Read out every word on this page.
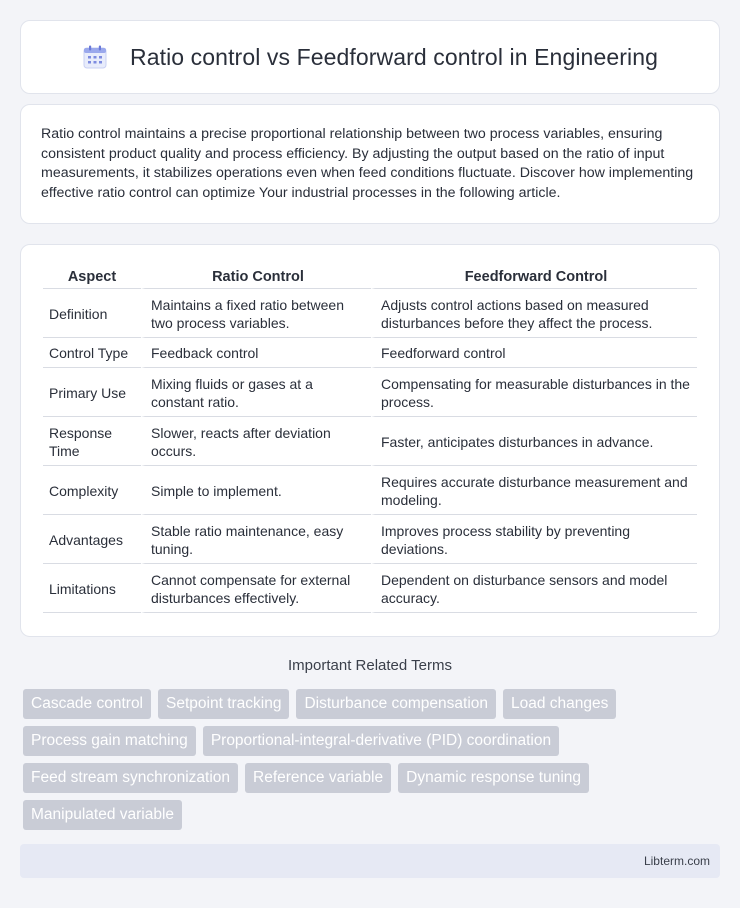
Ratio control vs Feedforward control in Engineering

Ratio control maintains a precise proportional relationship between two process variables, ensuring consistent product quality and process efficiency. By adjusting the output based on the ratio of input measurements, it stabilizes operations even when feed conditions fluctuate. Discover how implementing effective ratio control can optimize Your industrial processes in the following article.

Aspect	Ratio Control	Feedforward Control
Definition	Maintains a fixed ratio between two process variables.	Adjusts control actions based on measured disturbances before they affect the process.
Control Type	Feedback control	Feedforward control
Primary Use	Mixing fluids or gases at a constant ratio.	Compensating for measurable disturbances in the process.
Response Time	Slower, reacts after deviation occurs.	Faster, anticipates disturbances in advance.
Complexity	Simple to implement.	Requires accurate disturbance measurement and modeling.
Advantages	Stable ratio maintenance, easy tuning.	Improves process stability by preventing deviations.
Limitations	Cannot compensate for external disturbances effectively.	Dependent on disturbance sensors and model accuracy.
Important Related Terms
Cascade control	Setpoint tracking	Disturbance compensation	Load changes
Process gain matching	Proportional-integral-derivative (PID) coordination
Feed stream synchronization	Reference variable	Dynamic response tuning
Manipulated variable
Libterm.com
